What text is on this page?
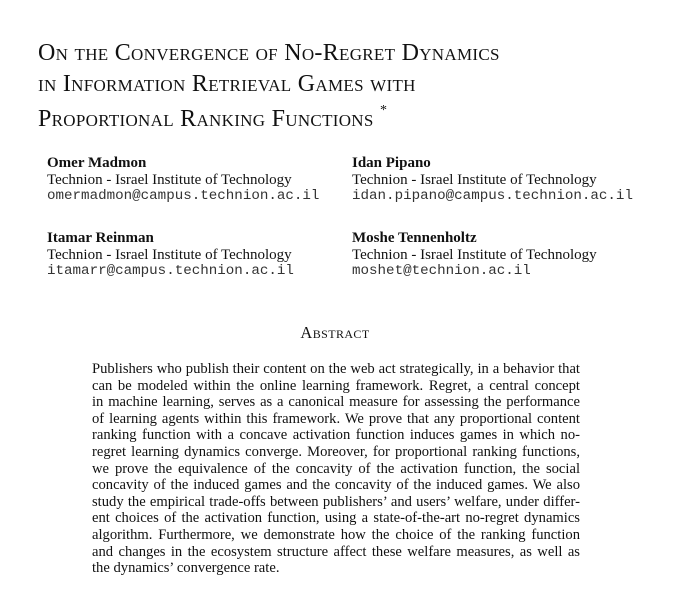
On the Convergence of No-Regret Dynamics
in Information Retrieval Games with
Proportional Ranking Functions *
Omer Madmon
Technion - Israel Institute of Technology
omermadmon@campus.technion.ac.il
Idan Pipano
Technion - Israel Institute of Technology
idan.pipano@campus.technion.ac.il
Itamar Reinman
Technion - Israel Institute of Technology
itamarr@campus.technion.ac.il
Moshe Tennenholtz
Technion - Israel Institute of Technology
moshet@technion.ac.il
Abstract
Publishers who publish their content on the web act strategically, in a behavior that
can be modeled within the online learning framework. Regret, a central concept
in machine learning, serves as a canonical measure for assessing the performance
of learning agents within this framework. We prove that any proportional content
ranking function with a concave activation function induces games in which no-
regret learning dynamics converge. Moreover, for proportional ranking functions,
we prove the equivalence of the concavity of the activation function, the social
concavity of the induced games and the concavity of the induced games. We also
study the empirical trade-offs between publishers’ and users’ welfare, under differ-
ent choices of the activation function, using a state-of-the-art no-regret dynamics
algorithm. Furthermore, we demonstrate how the choice of the ranking function
and changes in the ecosystem structure affect these welfare measures, as well as
the dynamics’ convergence rate.
